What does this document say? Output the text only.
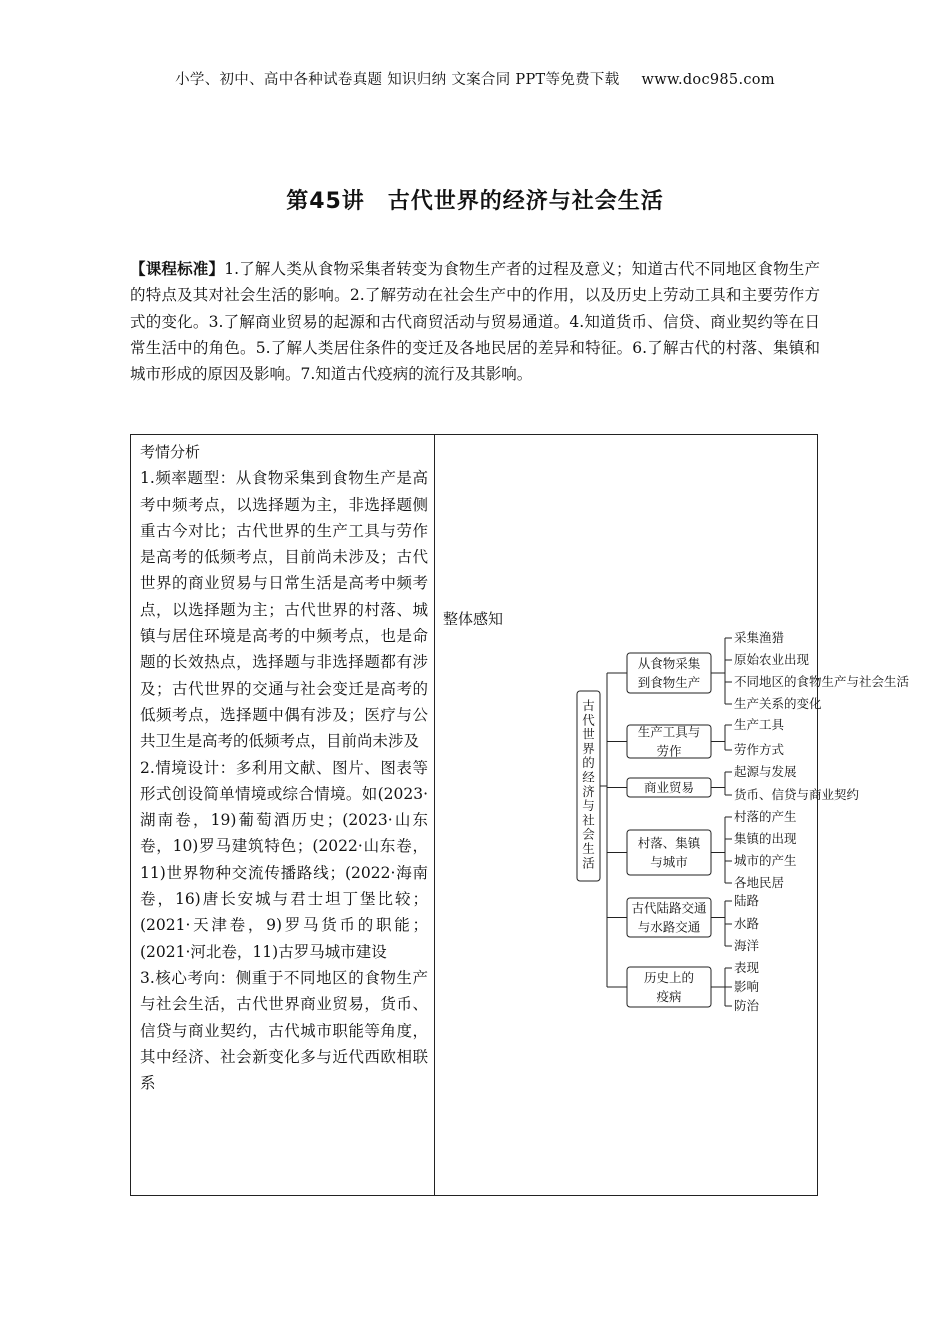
小学、初中、高中各种试卷真题 知识归纳 文案合同 PPT等免费下载 www.doc985.com
第45讲　古代世界的经济与社会生活
【课程标准】1.了解人类从食物采集者转变为食物生产者的过程及意义；知道古代不同地区食物生产的特点及其对社会生活的影响。2.了解劳动在社会生产中的作用，以及历史上劳动工具和主要劳作方式的变化。3.了解商业贸易的起源和古代商贸活动与贸易通道。4.知道货币、信贷、商业契约等在日常生活中的角色。5.了解人类居住条件的变迁及各地民居的差异和特征。6.了解古代的村落、集镇和城市形成的原因及影响。7.知道古代疫病的流行及其影响。
考情分析
1.频率题型：从食物采集到食物生产是高考中频考点，以选择题为主，非选择题侧重古今对比；古代世界的生产工具与劳作是高考的低频考点，目前尚未涉及；古代世界的商业贸易与日常生活是高考中频考点，以选择题为主；古代世界的村落、城镇与居住环境是高考的中频考点，也是命题的长效热点，选择题与非选择题都有涉及；古代世界的交通与社会变迁是高考的低频考点，选择题中偶有涉及；医疗与公共卫生是高考的低频考点，目前尚未涉及
2.情境设计：多利用文献、图片、图表等形式创设简单情境或综合情境。如(2023·湖南卷，19)葡萄酒历史；(2023·山东卷，10)罗马建筑特色；(2022·山东卷，11)世界物种交流传播路线；(2022·海南卷，16)唐长安城与君士坦丁堡比较；(2021·天津卷，9)罗马货币的职能；(2021·河北卷，11)古罗马城市建设
3.核心考向：侧重于不同地区的食物生产与社会生活，古代世界商业贸易，货币、信贷与商业契约，古代城市职能等角度，其中经济、社会新变化多与近代西欧相联系
整体感知
古
代
世
界
的
经
济
与
社
会
生
活
从食物采集
到食物生产
采集渔猎
原始农业出现
不同地区的食物生产与社会生活
生产关系的变化
生产工具与
劳作
生产工具
劳作方式
商业贸易
起源与发展
货币、信贷与商业契约
村落、集镇
与城市
村落的产生
集镇的出现
城市的产生
各地民居
古代陆路交通
与水路交通
陆路
水路
海洋
历史上的
疫病
表现
影响
防治
